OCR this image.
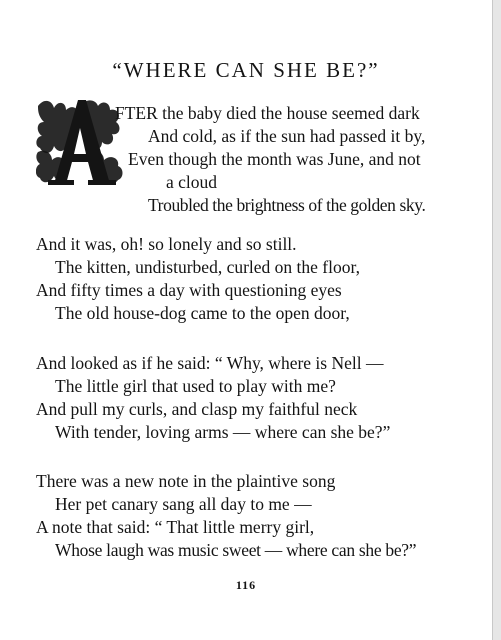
“WHERE CAN SHE BE?”
FTER the baby died the house seemed dark
And cold, as if the sun had passed it by,
Even though the month was June, and not
a cloud
Troubled the brightness of the golden sky.
And it was, oh! so lonely and so still.
The kitten, undisturbed, curled on the floor,
And fifty times a day with questioning eyes
The old house-dog came to the open door,
And looked as if he said: “ Why, where is Nell —
The little girl that used to play with me?
And pull my curls, and clasp my faithful neck
With tender, loving arms — where can she be?”
There was a new note in the plaintive song
Her pet canary sang all day to me —
A note that said: “ That little merry girl,
Whose laugh was music sweet — where can she be?”
116
